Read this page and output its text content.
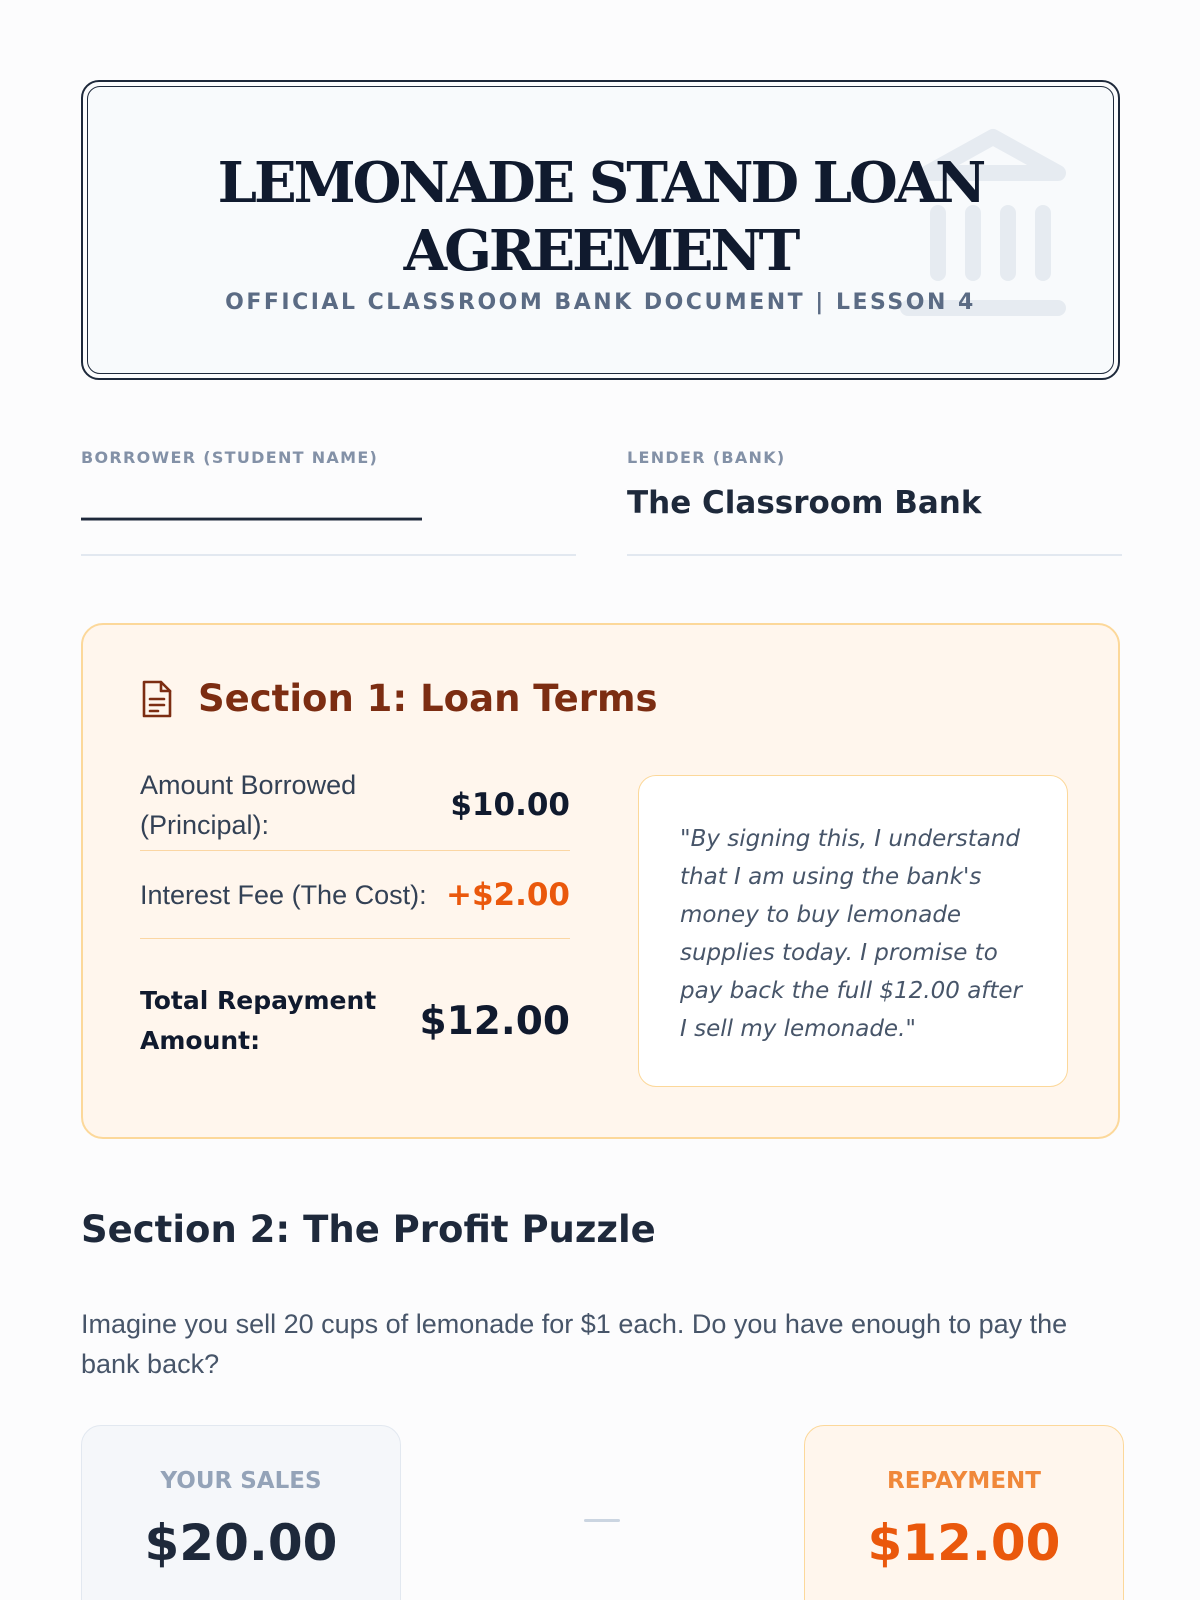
LEMONADE STAND LOAN
AGREEMENT
OFFICIAL CLASSROOM BANK DOCUMENT | LESSON 4
BORROWER (STUDENT NAME)
______________________
LENDER (BANK)
The Classroom Bank
Section 1: Loan Terms
Amount Borrowed
(Principal):
$10.00
Interest Fee (The Cost): +$2.00
Total Repayment
Amount:	$12.00
"By signing this, I understand that I am using the bank's money to buy lemonade supplies today. I promise to pay back the full $12.00 after I sell my lemonade."
Section 2: The Profit Puzzle
Imagine you sell 20 cups of lemonade for $1 each. Do you have enough to pay the bank back?
YOUR SALES
$20.00
REPAYMENT
$12.00
